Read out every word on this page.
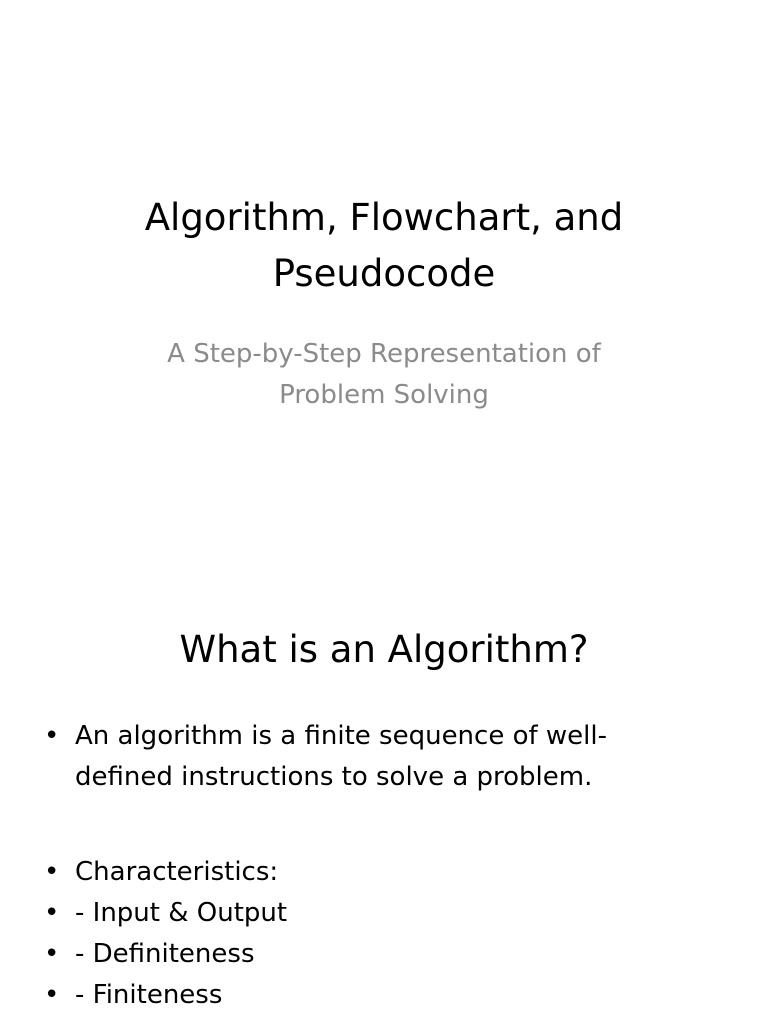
Algorithm, Flowchart, and
Pseudocode

A Step-by-Step Representation of
Problem Solving

What is an Algorithm?
• An algorithm is a finite sequence of well-
defined instructions to solve a problem.
• Characteristics:
• - Input & Output
• - Definiteness
• - Finiteness
